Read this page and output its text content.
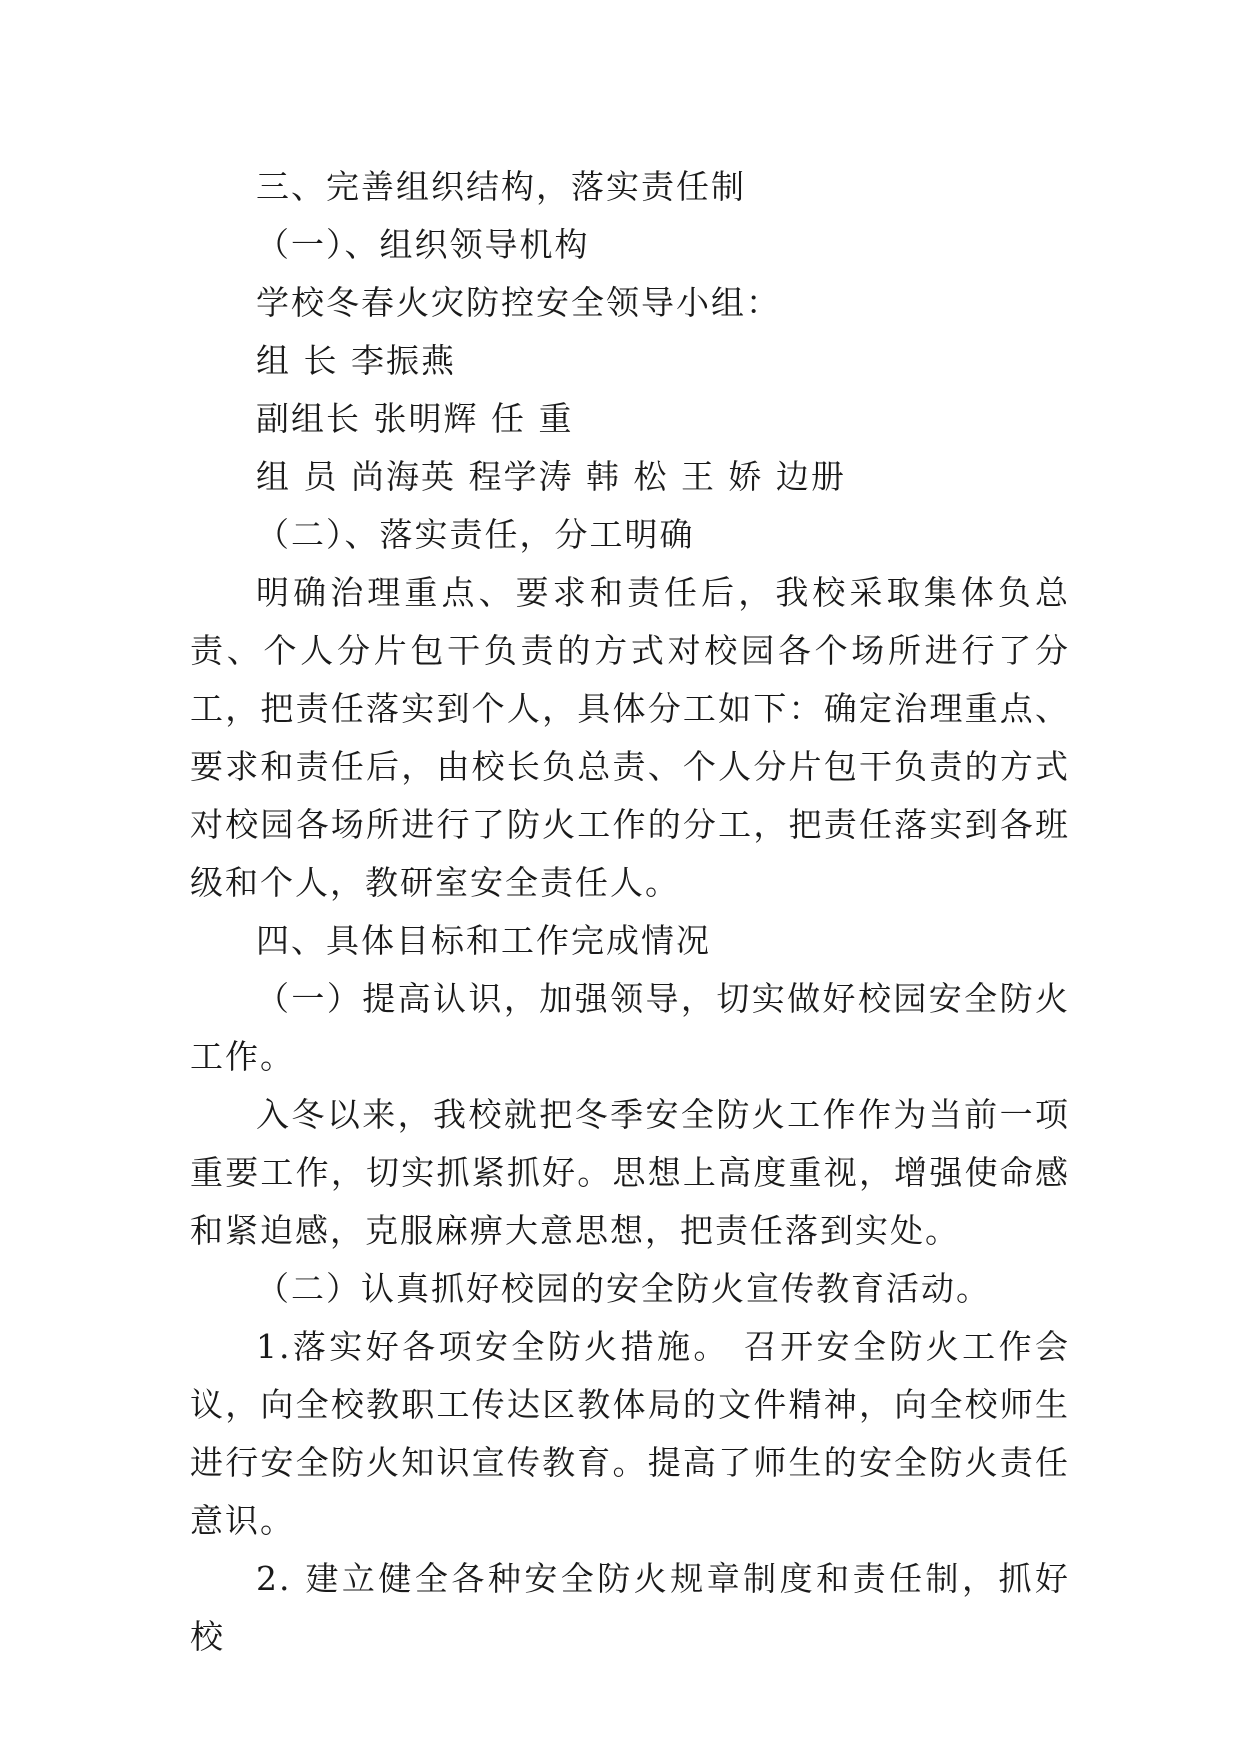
三、完善组织结构，落实责任制

（一）、组织领导机构

学校冬春火灾防控安全领导小组：

组 长 李振燕

副组长 张明辉 任 重

组 员 尚海英 程学涛 韩 松 王 娇 边册

（二）、落实责任，分工明确

明确治理重点、要求和责任后，我校采取集体负总责、个人分片包干负责的方式对校园各个场所进行了分工，把责任落实到个人，具体分工如下：确定治理重点、要求和责任后，由校长负总责、个人分片包干负责的方式对校园各场所进行了防火工作的分工，把责任落实到各班级和个人，教研室安全责任人。

四、具体目标和工作完成情况

（一）提高认识，加强领导，切实做好校园安全防火工作。

入冬以来，我校就把冬季安全防火工作作为当前一项重要工作，切实抓紧抓好。思想上高度重视，增强使命感和紧迫感，克服麻痹大意思想，把责任落到实处。

（二）认真抓好校园的安全防火宣传教育活动。

1.落实好各项安全防火措施。 召开安全防火工作会议，向全校教职工传达区教体局的文件精神，向全校师生进行安全防火知识宣传教育。提高了师生的安全防火责任意识。

2. 建立健全各种安全防火规章制度和责任制，抓好校
